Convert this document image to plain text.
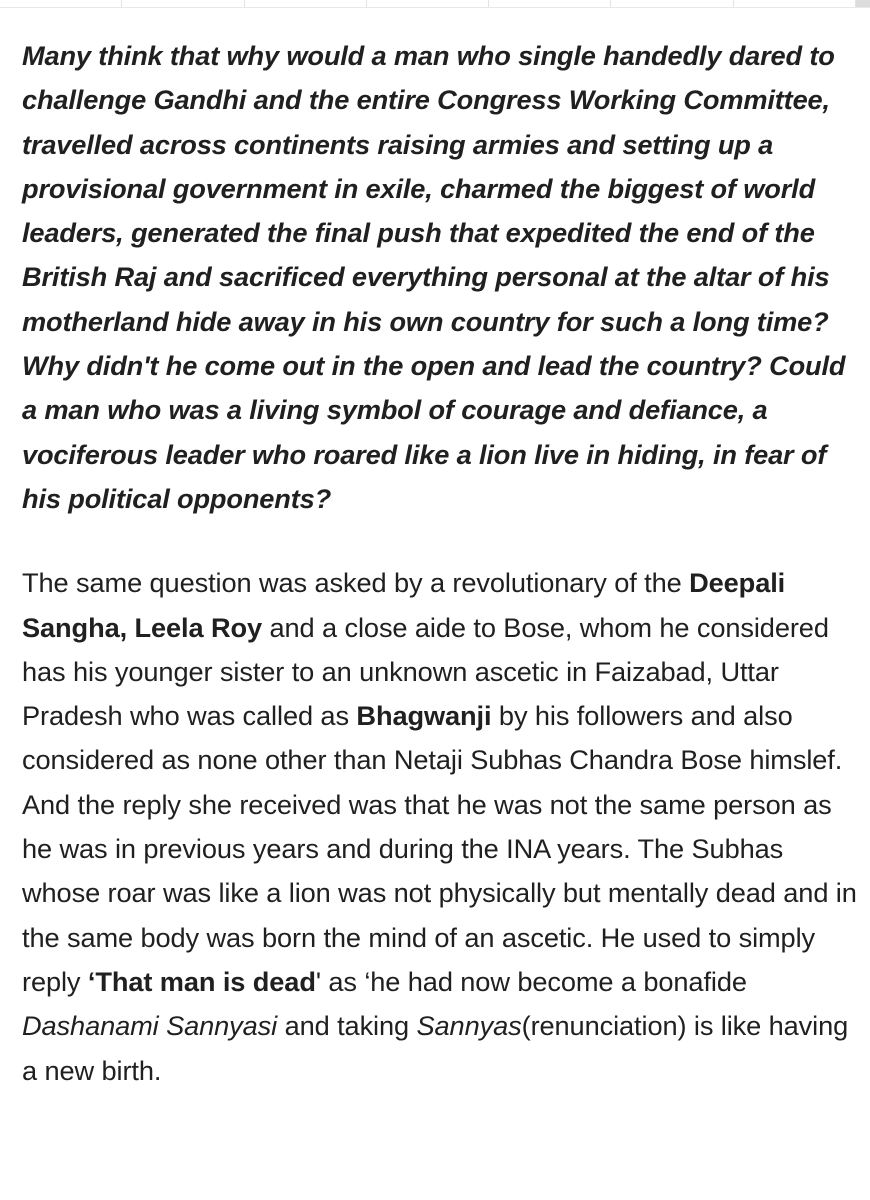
Many think that why would a man who single handedly dared to challenge Gandhi and the entire Congress Working Committee, travelled across continents raising armies and setting up a provisional government in exile, charmed the biggest of world leaders, generated the final push that expedited the end of the British Raj and sacrificed everything personal at the altar of his motherland hide away in his own country for such a long time? Why didn't he come out in the open and lead the country? Could a man who was a living symbol of courage and defiance, a vociferous leader who roared like a lion live in hiding, in fear of his political opponents?

The same question was asked by a revolutionary of the Deepali Sangha, Leela Roy and a close aide to Bose, whom he considered has his younger sister to an unknown ascetic in Faizabad, Uttar Pradesh who was called as Bhagwanji by his followers and also considered as none other than Netaji Subhas Chandra Bose himslef. And the reply she received was that he was not the same person as he was in previous years and during the INA years. The Subhas whose roar was like a lion was not physically but mentally dead and in the same body was born the mind of an ascetic. He used to simply reply ‘That man is dead' as ‘he had now become a bonafide Dashanami Sannyasi and taking Sannyas(renunciation) is like having a new birth.
